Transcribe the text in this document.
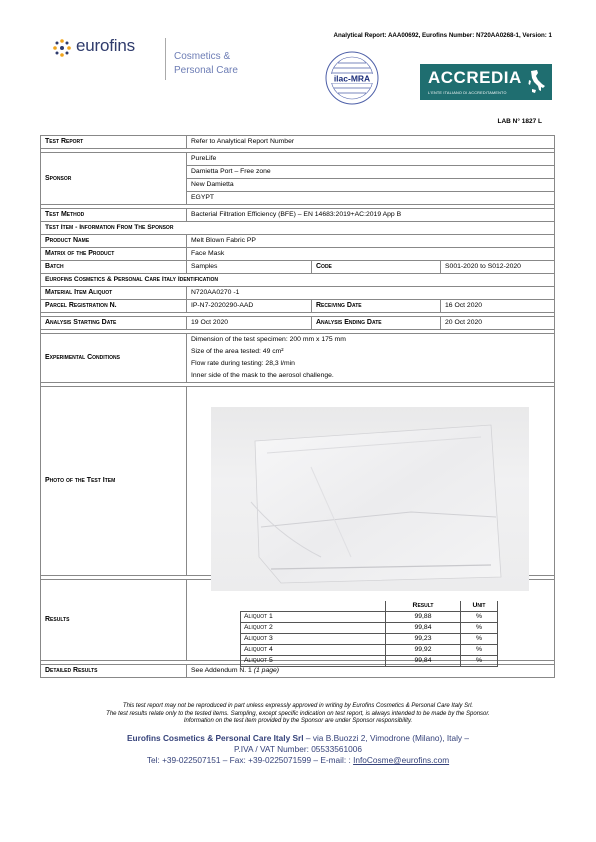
Analytical Report: AAA00692, Eurofins Number: N720AA0268-1, Version: 1
eurofins
Cosmetics &
Personal Care
ilac-MRA	ACCREDIA
L'ENTE ITALIANO DI ACCREDITAMENTO
LAB N° 1827 L
Test Report	Refer to Analytical Report Number		

Sponsor	PureLife		
	Damietta Port – Free zone		
	New Damietta		
	EGYPT		

Test Method	Bacterial Filtration Efficiency (BFE) – EN 14683:2019+AC:2019 App B		
Test Item - Information From The Sponsor			
Product Name	Melt Blown Fabric PP		
Matrix of the Product	Face Mask		
Batch	Samples	Code	S001-2020 to S012-2020
Eurofins Cosmetics & Personal Care Italy Identification			
Material Item Aliquot	N720AA0270 -1		
Parcel Registration N.	IP-N7-2020290-AAD	Receiving Date	16 Oct 2020

Analysis Starting Date	19 Oct 2020	Analysis Ending Date	20 Oct 2020

Experimental Conditions	Dimension of the test specimen: 200 mm x 175 mm
Size of the area tested: 49 cm²
Flow rate during testing: 28,3 l/min
Inner side of the mask to the aerosol challenge.		

Photo of the Test Item			

Results			

Detailed Results	See Addendum N. 1 (1 page)		
	Result	Unit
Aliquot 1	99,88	%
Aliquot 2	99,84	%
Aliquot 3	99,23	%
Aliquot 4	99,92	%
Aliquot 5	99,84	%
This test report may not be reproduced in part unless expressly approved in writing by Eurofins Cosmetics & Personal Care Italy Srl.
The test results relate only to the tested items. Sampling, except specific indication on test report, is always intended to be made by the Sponsor.
Information on the test item provided by the Sponsor are under Sponsor responsibility.
Eurofins Cosmetics & Personal Care Italy Srl – via B.Buozzi 2, Vimodrone (Milano), Italy –
P.IVA / VAT Number: 05533561006
Tel: +39-022507151 – Fax: +39-0225071599 – E-mail: : InfoCosme@eurofins.com
